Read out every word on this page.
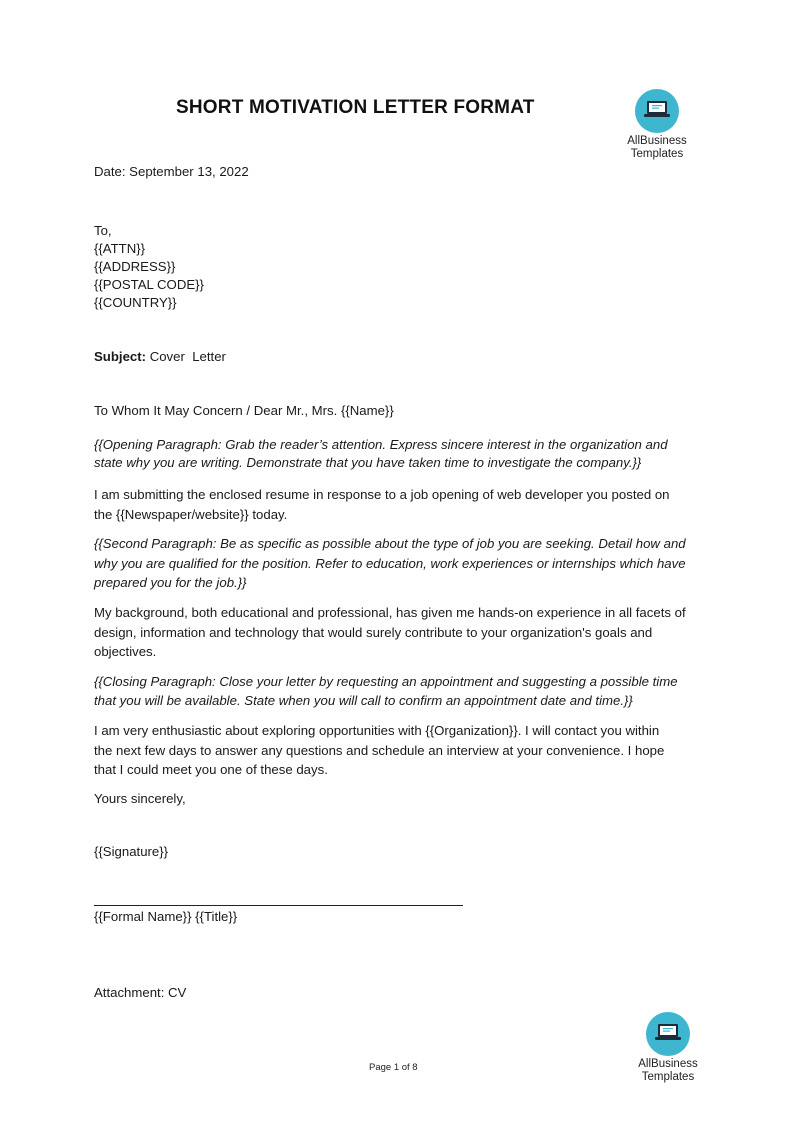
SHORT MOTIVATION LETTER FORMAT
AllBusiness
Templates
Date: September 13, 2022
To,
{{ATTN}}
{{ADDRESS}}
{{POSTAL CODE}}
{{COUNTRY}}
Subject: Cover  Letter
To Whom It May Concern / Dear Mr., Mrs. {{Name}}
{{Opening Paragraph: Grab the reader’s attention. Express sincere interest in the organization and
state why you are writing. Demonstrate that you have taken time to investigate the company.}}
I am submitting the enclosed resume in response to a job opening of web developer you posted on
the {{Newspaper/website}} today.
{{Second Paragraph: Be as specific as possible about the type of job you are seeking. Detail how and
why you are qualified for the position. Refer to education, work experiences or internships which have
prepared you for the job.}}
My background, both educational and professional, has given me hands-on experience in all facets of
design, information and technology that would surely contribute to your organization's goals and
objectives.
{{Closing Paragraph: Close your letter by requesting an appointment and suggesting a possible time
that you will be available. State when you will call to confirm an appointment date and time.}}
I am very enthusiastic about exploring opportunities with {{Organization}}. I will contact you within
the next few days to answer any questions and schedule an interview at your convenience. I hope
that I could meet you one of these days.
Yours sincerely,
{{Signature}}
{{Formal Name}} {{Title}}
Attachment: CV
Page 1 of 8	AllBusiness
Templates
